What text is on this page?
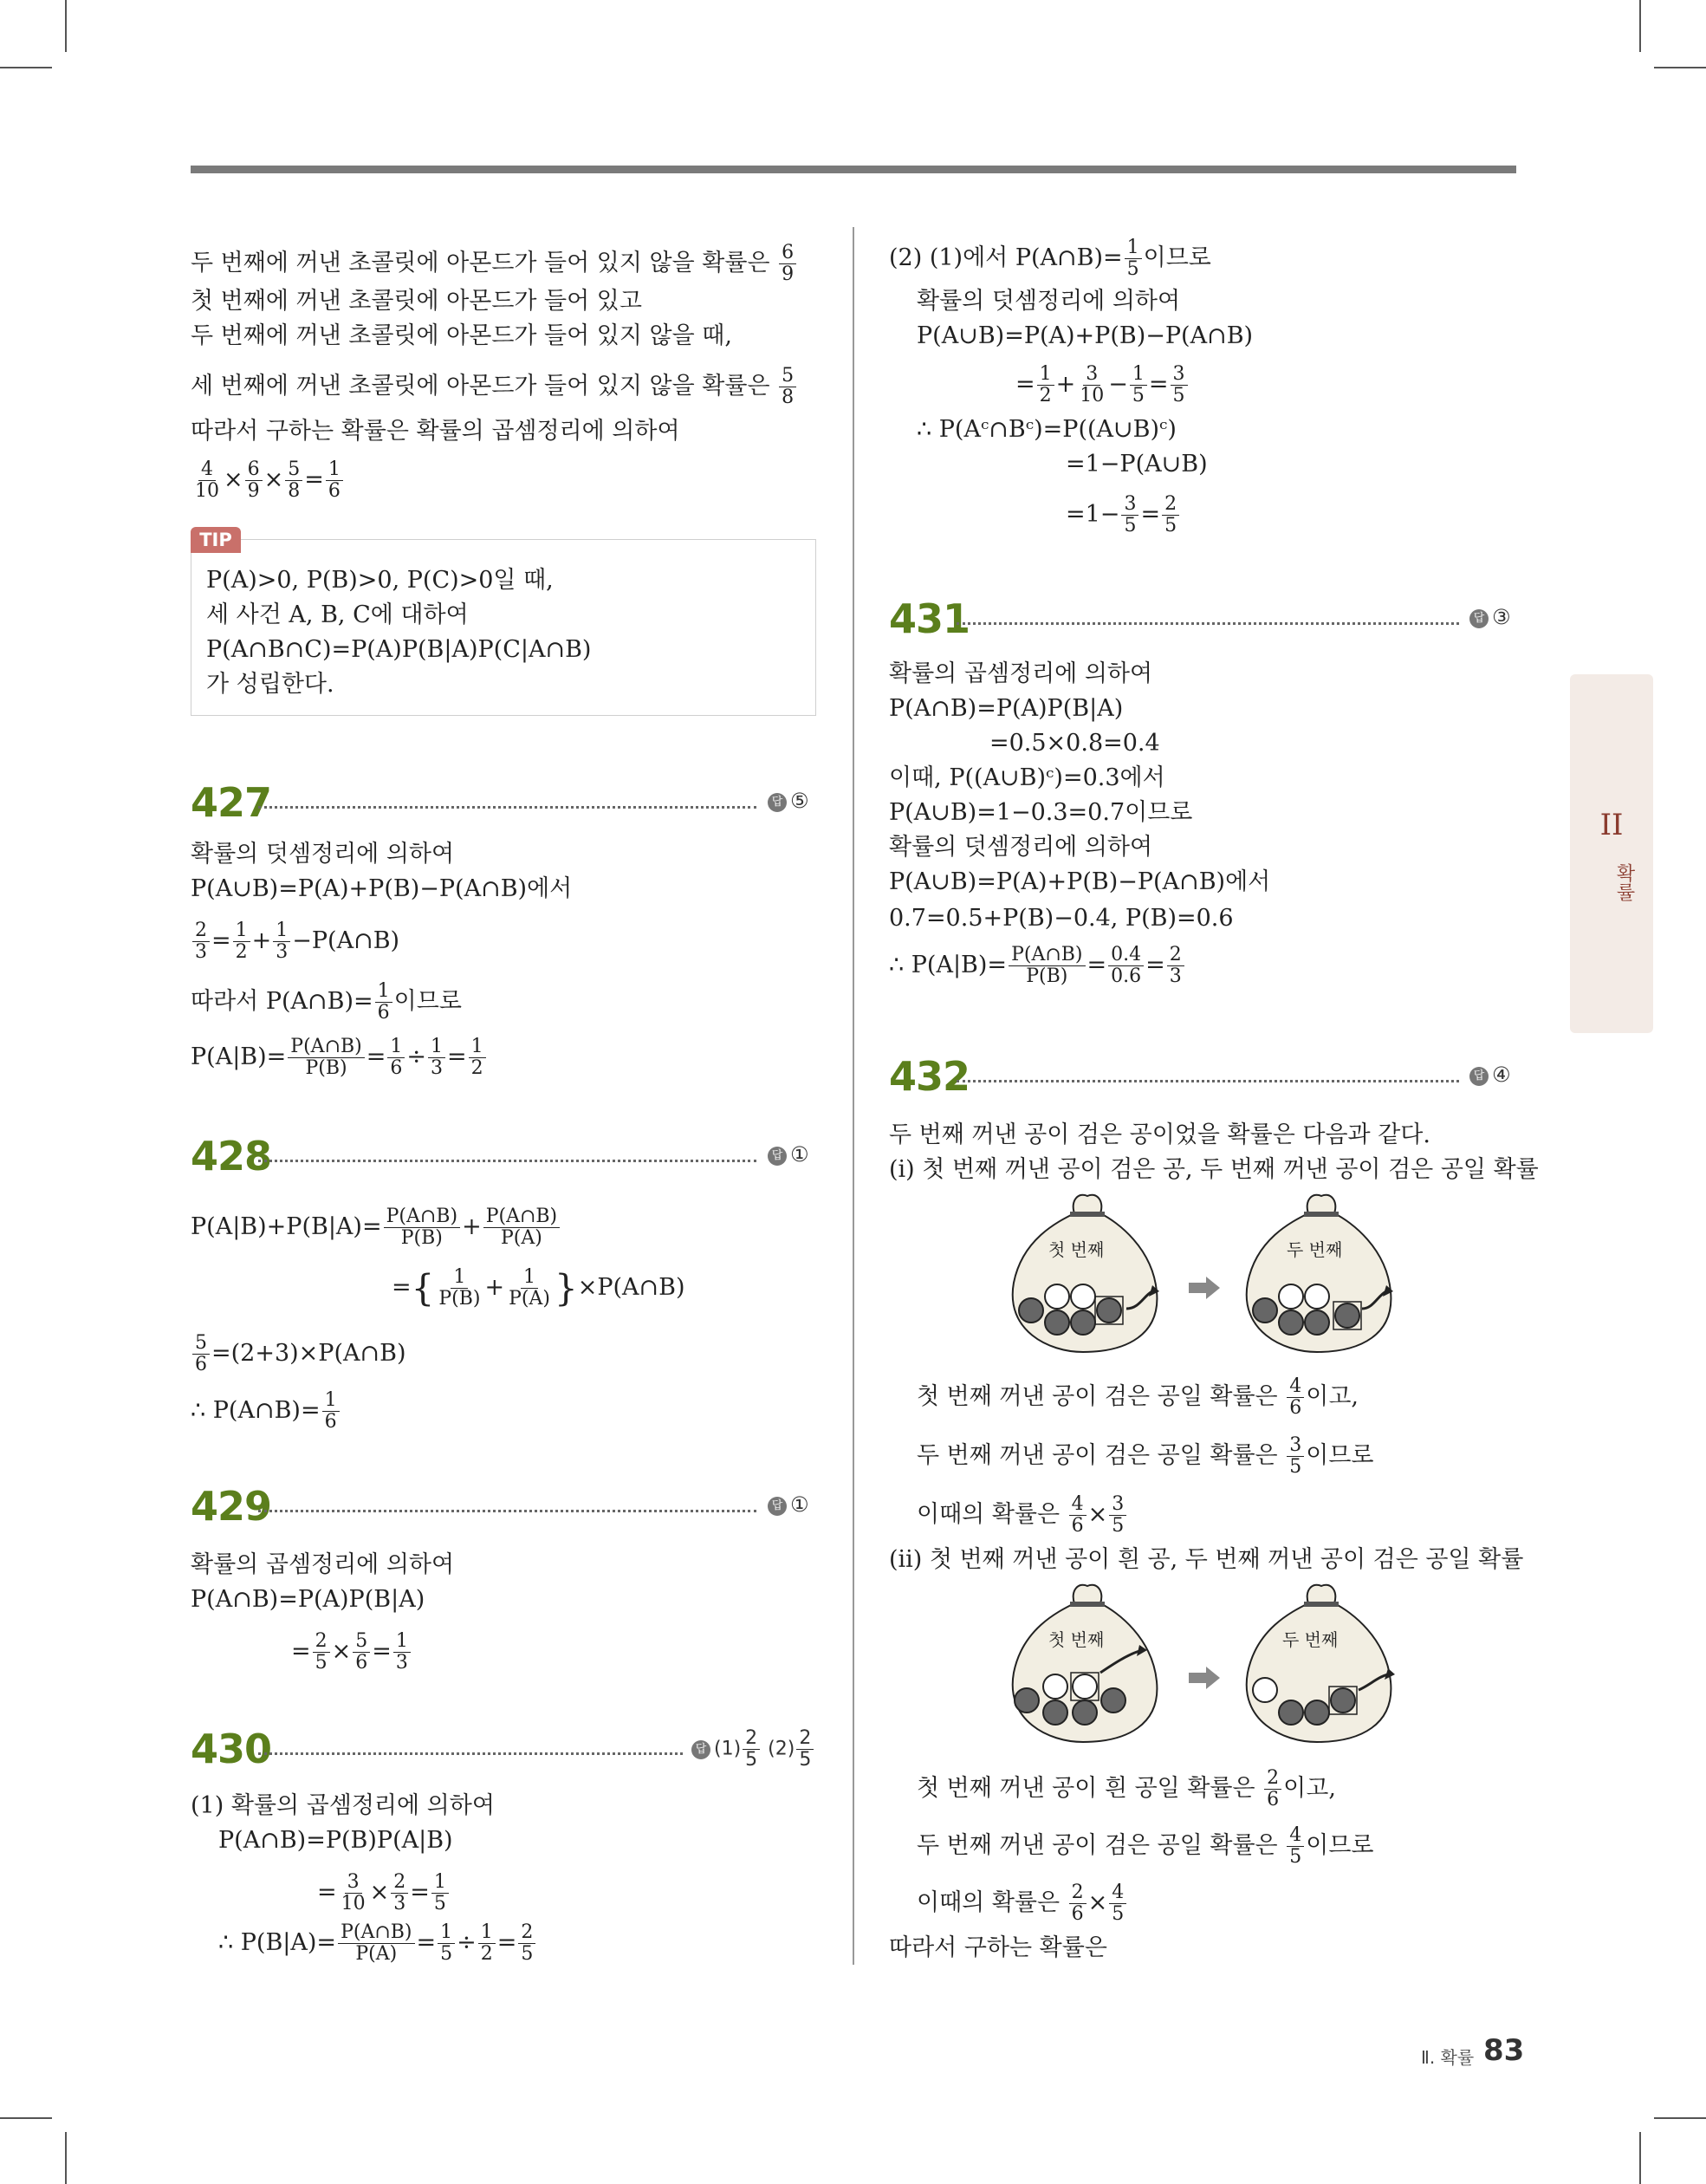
두 번째에 꺼낸 초콜릿에 아몬드가 들어 있지 않을 확률은 $\frac{6}{9}$
첫 번째에 꺼낸 초콜릿에 아몬드가 들어 있고
두 번째에 꺼낸 초콜릿에 아몬드가 들어 있지 않을 때,
세 번째에 꺼낸 초콜릿에 아몬드가 들어 있지 않을 확률은 $\frac{5}{8}$
따라서 구하는 확률은 확률의 곱셈정리에 의하여
$\frac{4}{10} \times \frac{6}{9} \times \frac{5}{8} = \frac{1}{6}$
TIP
P(A)>0, P(B)>0, P(C)>0일 때,
세 사건 A, B, C에 대하여
P(A∩B∩C)=P(A)P(B|A)P(C|A∩B)
가 성립한다.
427	답 ⑤
확률의 덧셈정리에 의하여
P(A∪B)=P(A)+P(B)−P(A∩B)에서
$\frac{2}{3} = \frac{1}{2} + \frac{1}{3}$ −P(A∩B)
따라서 P(A∩B)= $\frac{1}{6}$ 이므로
$P(A|B)= \frac{P(A\cap B)}{P(B)} = \frac{1}{6} \div \frac{1}{3} = \frac{1}{2}$
428	답 ①
$P(A|B)+P(B|A)= \frac{P(A\cap B)}{P(B)} + \frac{P(A\cap B)}{P(A)}$
={ $\frac{1}{P(B)} + \frac{1}{P(A)}$ }×P(A∩B)
$\frac{5}{6}$ =(2+3)×P(A∩B)
∴ P(A∩B)= $\frac{1}{6}$
429	답 ①
확률의 곱셈정리에 의하여
P(A∩B)=P(A)P(B|A)
= $\frac{2}{5} \times \frac{5}{6} = \frac{1}{3}$
430	답 $(1) \frac{2}{5} (2) \frac{2}{5}$
(1) 확률의 곱셈정리에 의하여
P(A∩B)=P(B)P(A|B)
= $\frac{3}{10} \times \frac{2}{3} = \frac{1}{5}$
∴ $P(B|A)= \frac{P(A\cap B)}{P(A)} = \frac{1}{5} \div \frac{1}{2} = \frac{2}{5}$
(2) (1)에서 P(A∩B)= $\frac{1}{5}$ 이므로
확률의 덧셈정리에 의하여
P(A∪B)=P(A)+P(B)−P(A∩B)
= $\frac{1}{2} + \frac{3}{10} - \frac{1}{5} = \frac{3}{5}$
∴ P(Aᶜ∩Bᶜ)=P((A∪B)ᶜ)
=1−P(A∪B)
$=1- \frac{3}{5} = \frac{2}{5}$
431	답 ③
확률의 곱셈정리에 의하여
P(A∩B)=P(A)P(B|A)
=0.5×0.8=0.4
이때, P((A∪B)ᶜ)=0.3에서
P(A∪B)=1−0.3=0.7이므로
확률의 덧셈정리에 의하여
P(A∪B)=P(A)+P(B)−P(A∩B)에서
0.7=0.5+P(B)−0.4, P(B)=0.6
∴ $P(A|B)= \frac{P(A\cap B)}{P(B)} = \frac{0.4}{0.6} = \frac{2}{3}$
432	답 ④
두 번째 꺼낸 공이 검은 공이었을 확률은 다음과 같다.
(i) 첫 번째 꺼낸 공이 검은 공, 두 번째 꺼낸 공이 검은 공일 확률
첫 번째	두 번째
첫 번째 꺼낸 공이 검은 공일 확률은 $\frac{4}{6}$ 이고,
두 번째 꺼낸 공이 검은 공일 확률은 $\frac{3}{5}$ 이므로
이때의 확률은 $\frac{4}{6} \times \frac{3}{5}$
(ii) 첫 번째 꺼낸 공이 흰 공, 두 번째 꺼낸 공이 검은 공일 확률
첫 번째	두 번째
첫 번째 꺼낸 공이 흰 공일 확률은 $\frac{2}{6}$ 이고,
두 번째 꺼낸 공이 검은 공일 확률은 $\frac{4}{5}$ 이므로
이때의 확률은 $\frac{2}{6} \times \frac{4}{5}$
따라서 구하는 확률은
II
확률
Ⅱ. 확률 83
